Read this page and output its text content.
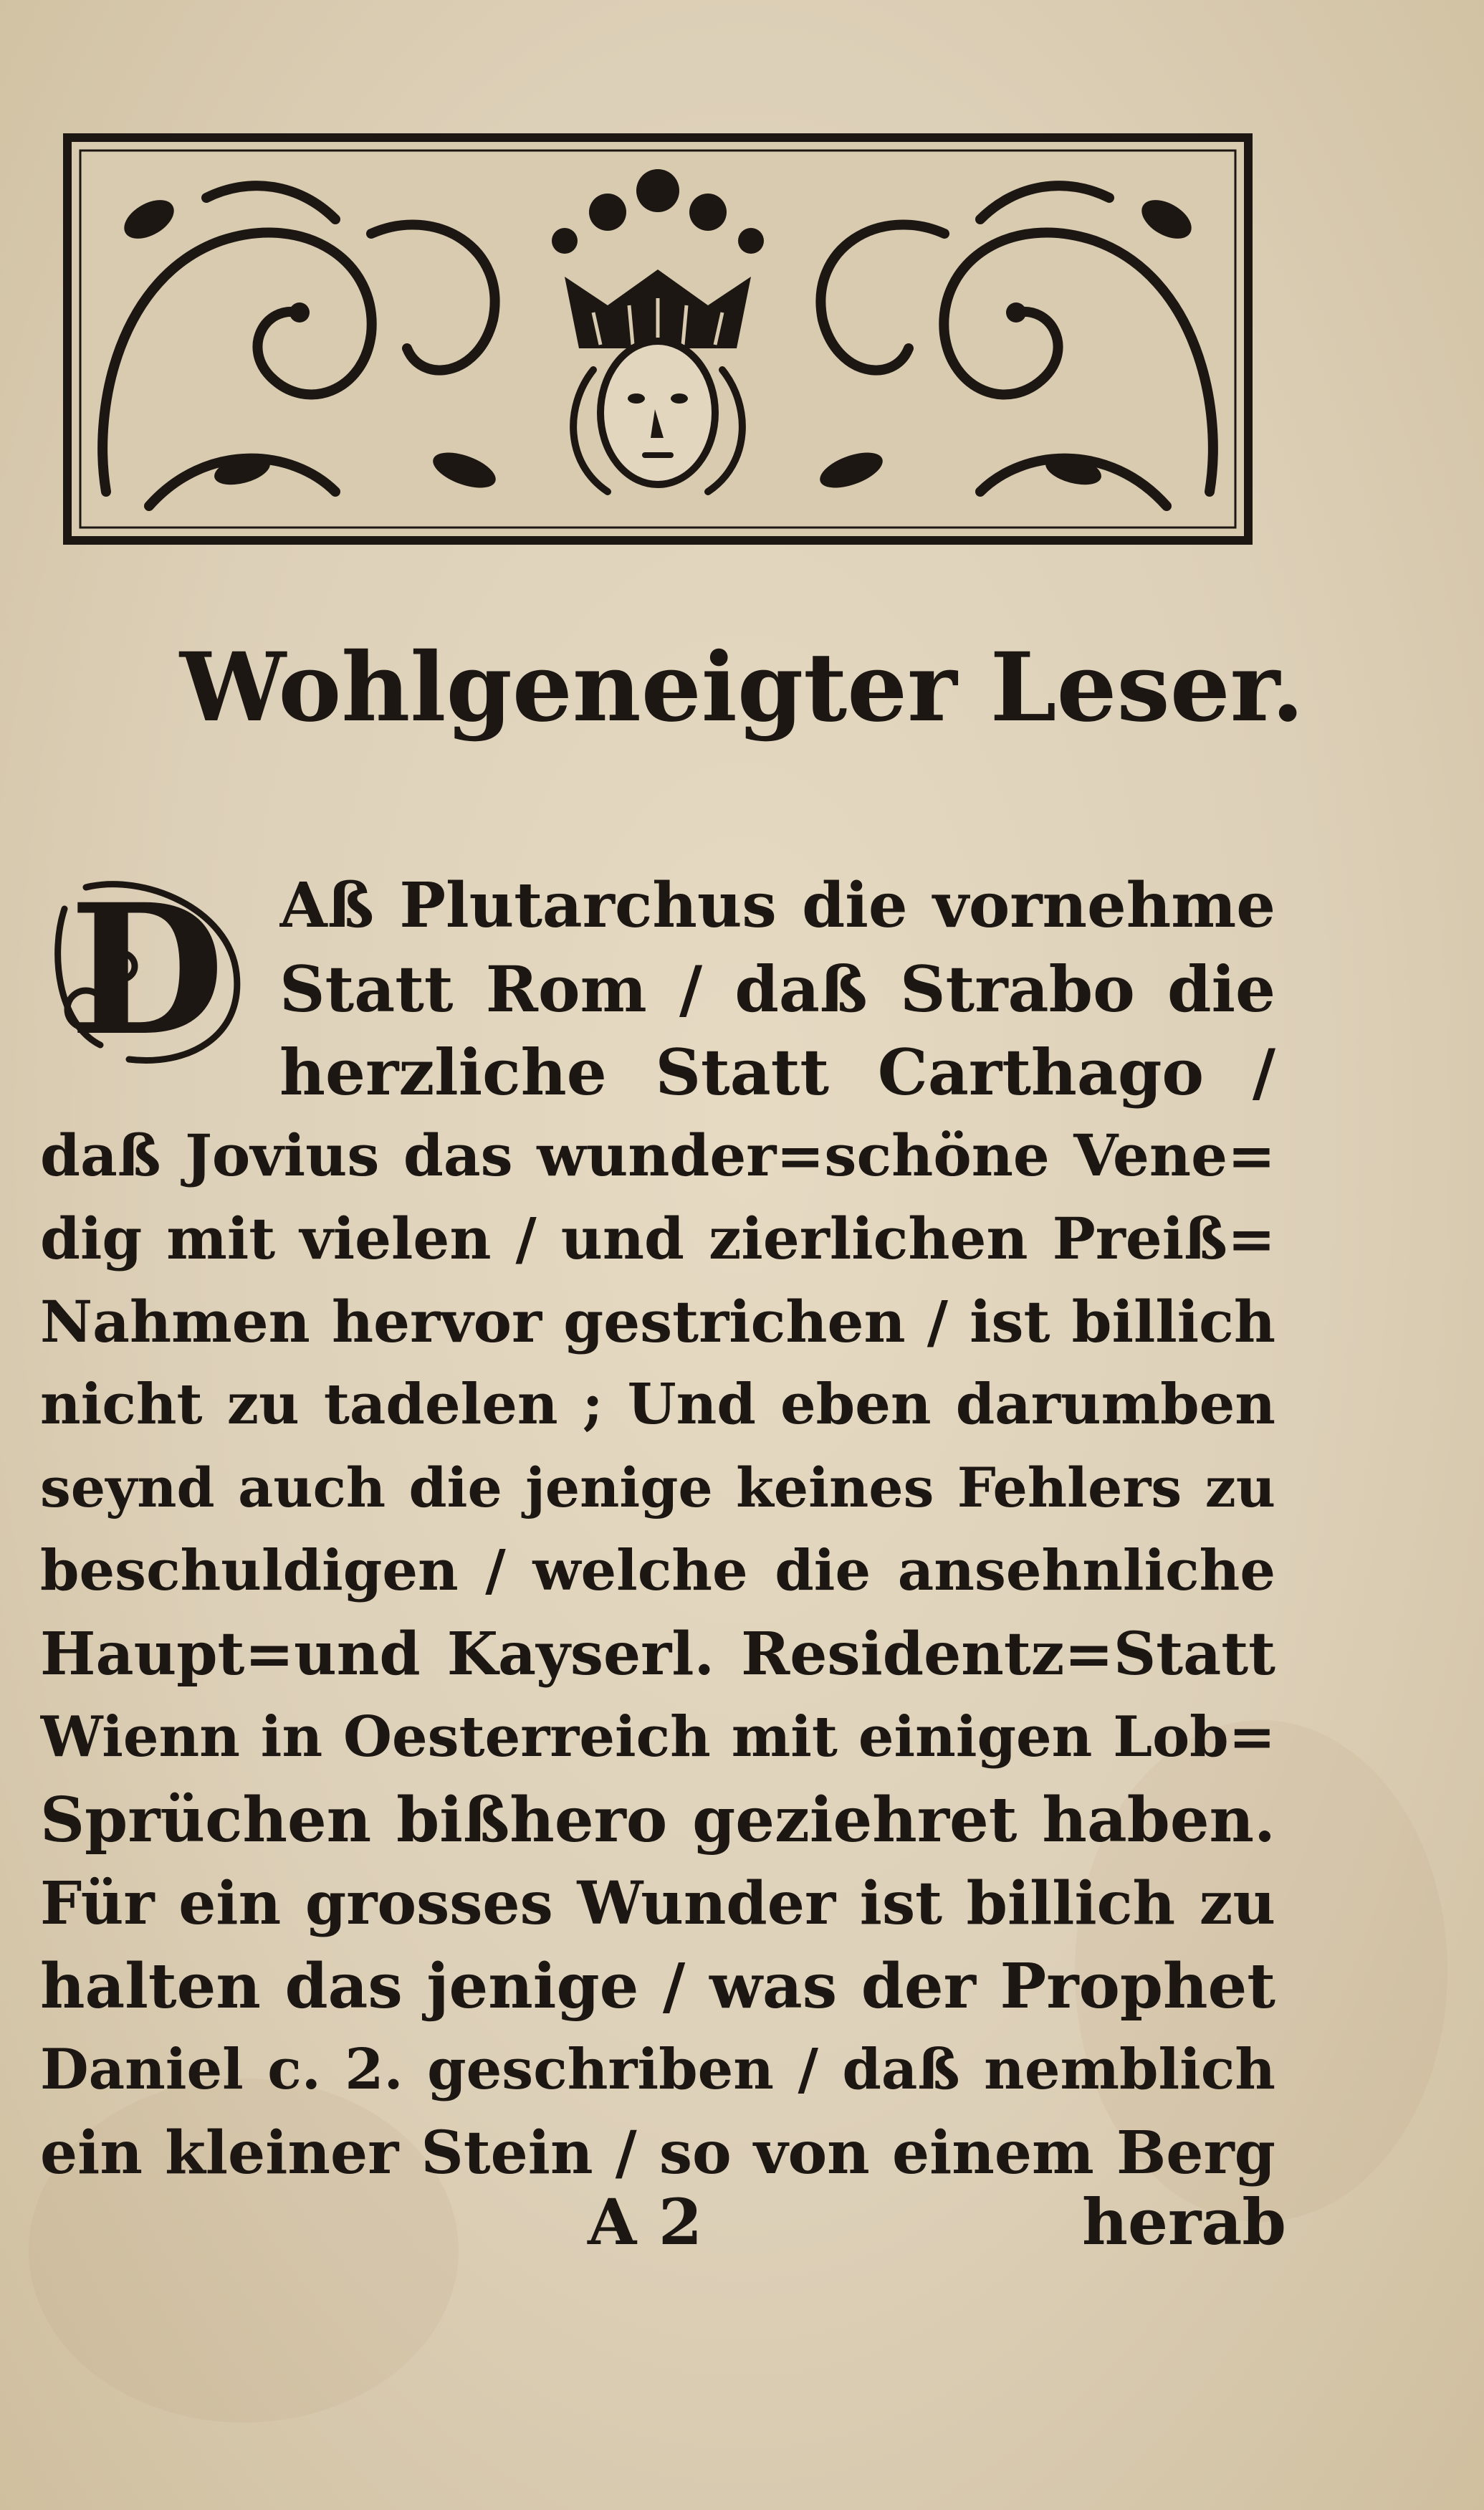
Wohlgeneigter Leser.
D Aß Plutarchus die vornehme
Statt Rom / daß Strabo die
herzliche Statt Carthago /
daß Jovius das wunder=schöne Vene=
dig mit vielen / und zierlichen Preiß=
Nahmen hervor gestrichen / ist billich
nicht zu tadelen ; Und eben darumben
seynd auch die jenige keines Fehlers zu
beschuldigen / welche die ansehnliche
Haupt=und Kayserl. Residentz=Statt
Wienn in Oesterreich mit einigen Lob=
Sprüchen bißhero geziehret haben.
Für ein grosses Wunder ist billich zu
halten das jenige / was der Prophet
Daniel c. 2. geschriben / daß nemblich
ein kleiner Stein / so von einem Berg
A 2	herab
